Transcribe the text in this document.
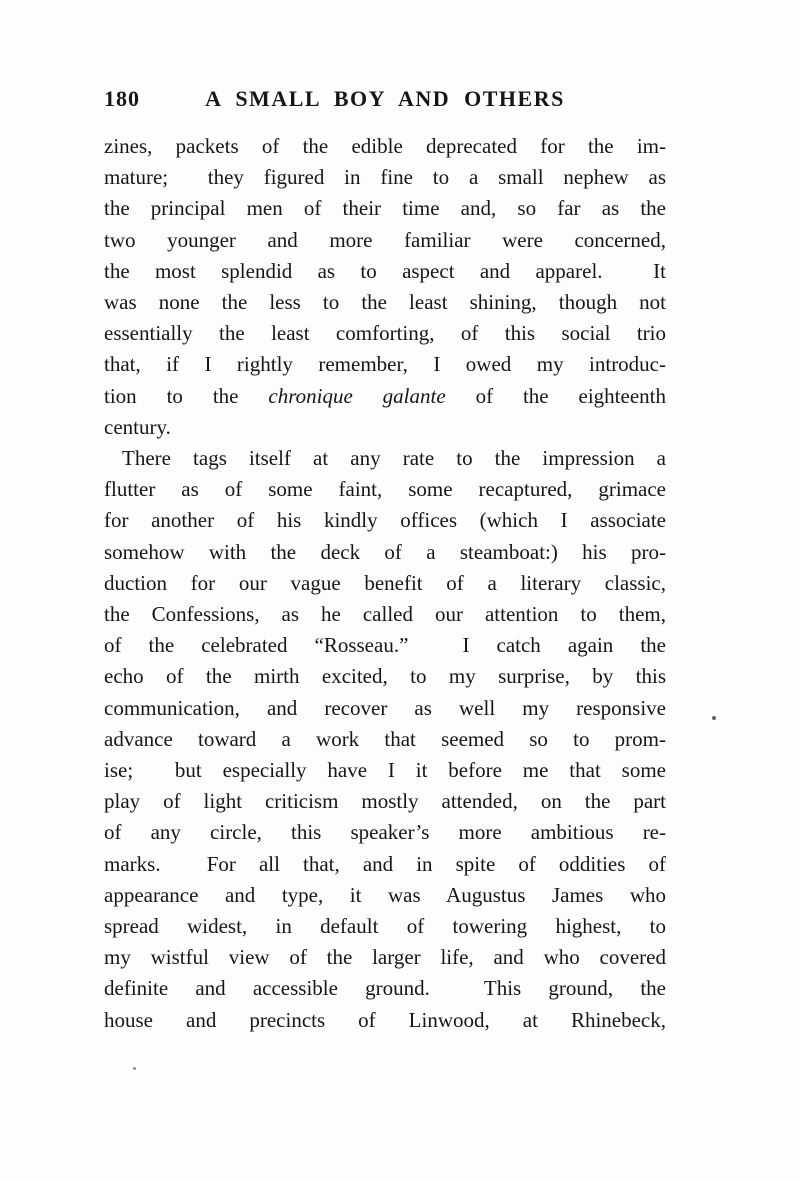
180	A SMALL BOY AND OTHERS

zines, packets of the edible deprecated for the im-
mature;  they figured in fine to a small nephew as
the principal men of their time and, so far as the
two younger and more familiar were concerned,
the most splendid as to aspect and apparel.  It
was none the less to the least shining, though not
essentially the least comforting, of this social trio
that, if I rightly remember, I owed my introduc-
tion to the chronique galante of the eighteenth
century.

There tags itself at any rate to the impression a
flutter as of some faint, some recaptured, grimace
for another of his kindly offices (which I associate
somehow with the deck of a steamboat:) his pro-
duction for our vague benefit of a literary classic,
the Confessions, as he called our attention to them,
of the celebrated “Rosseau.”  I catch again the
echo of the mirth excited, to my surprise, by this
communication, and recover as well my responsive
advance toward a work that seemed so to prom-
ise;  but especially have I it before me that some
play of light criticism mostly attended, on the part
of any circle, this speaker’s more ambitious re-
marks.  For all that, and in spite of oddities of
appearance and type, it was Augustus James who
spread widest, in default of towering highest, to
my wistful view of the larger life, and who covered
definite and accessible ground.  This ground, the
house and precincts of Linwood, at Rhinebeck,
